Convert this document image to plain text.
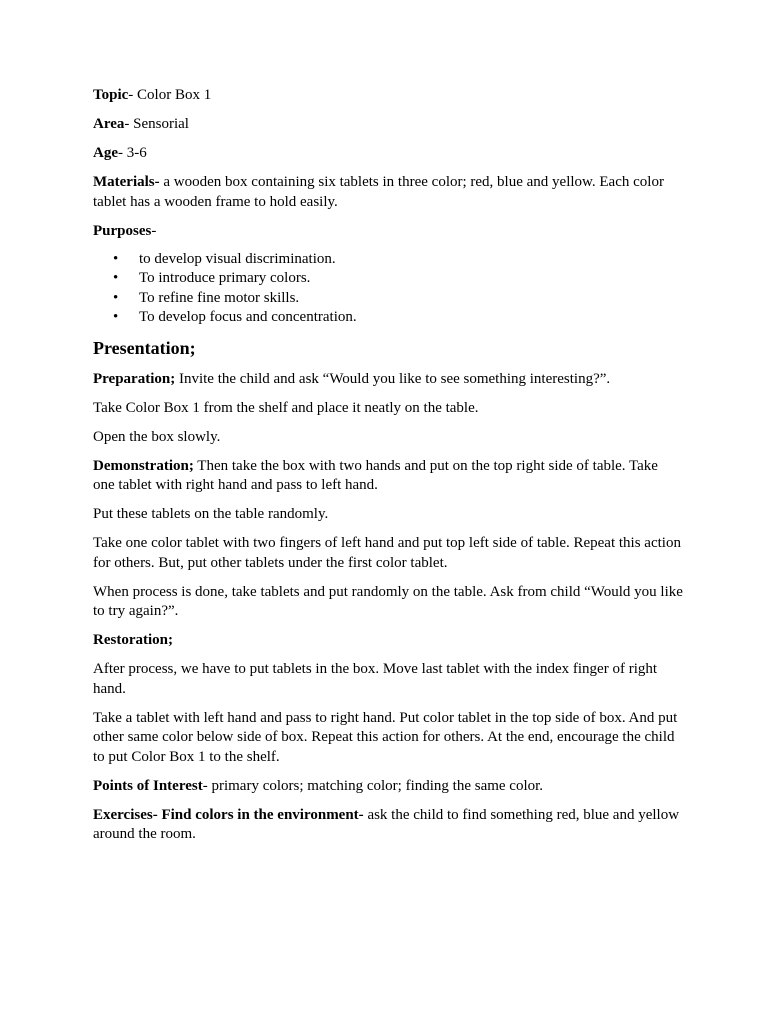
Topic- Color Box 1

Area- Sensorial

Age- 3-6

Materials- a wooden box containing six tablets in three color; red, blue and yellow. Each color tablet has a wooden frame to hold easily.

Purposes-

• to develop visual discrimination.
• To introduce primary colors.
• To refine fine motor skills.
• To develop focus and concentration.
Presentation;

Preparation; Invite the child and ask “Would you like to see something interesting?”.

Take Color Box 1 from the shelf and place it neatly on the table.

Open the box slowly.

Demonstration; Then take the box with two hands and put on the top right side of table. Take one tablet with right hand and pass to left hand.

Put these tablets on the table randomly.

Take one color tablet with two fingers of left hand and put top left side of table. Repeat this action for others. But, put other tablets under the first color tablet.

When process is done, take tablets and put randomly on the table. Ask from child “Would you like to try again?”.

Restoration;

After process, we have to put tablets in the box. Move last tablet with the index finger of right hand.

Take a tablet with left hand and pass to right hand. Put color tablet in the top side of box. And put other same color below side of box. Repeat this action for others. At the end, encourage the child to put Color Box 1 to the shelf.

Points of Interest- primary colors; matching color; finding the same color.

Exercises- Find colors in the environment- ask the child to find something red, blue and yellow around the room.
